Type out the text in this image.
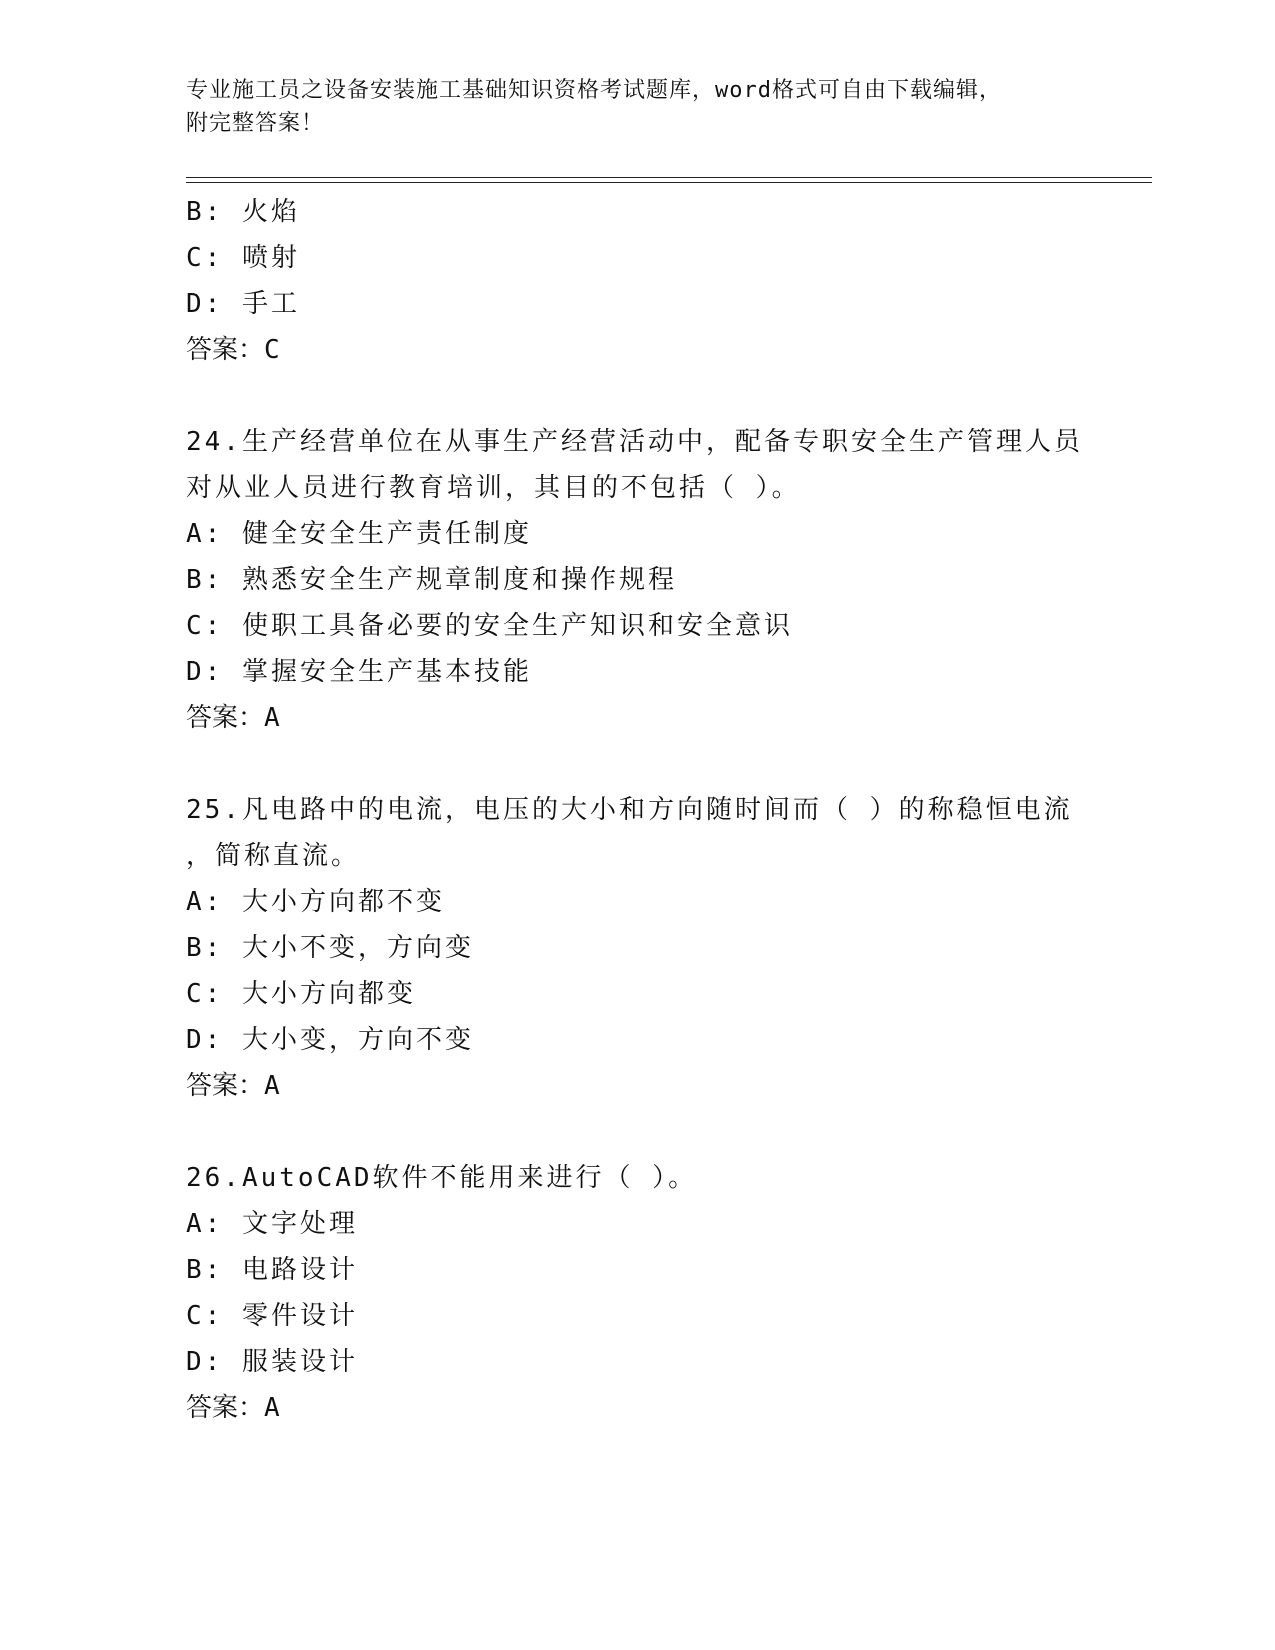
专业施工员之设备安装施工基础知识资格考试题库，word格式可自由下载编辑，
附完整答案！
B: 火焰
C: 喷射
D: 手工
答案：C
24.生产经营单位在从事生产经营活动中，配备专职安全生产管理人员
对从业人员进行教育培训，其目的不包括（ ）。
A: 健全安全生产责任制度
B: 熟悉安全生产规章制度和操作规程
C: 使职工具备必要的安全生产知识和安全意识
D: 掌握安全生产基本技能
答案：A
25.凡电路中的电流，电压的大小和方向随时间而（ ）的称稳恒电流
，简称直流。
A: 大小方向都不变
B: 大小不变，方向变
C: 大小方向都变
D: 大小变，方向不变
答案：A
26.AutoCAD软件不能用来进行（ ）。
A: 文字处理
B: 电路设计
C: 零件设计
D: 服装设计
答案：A
